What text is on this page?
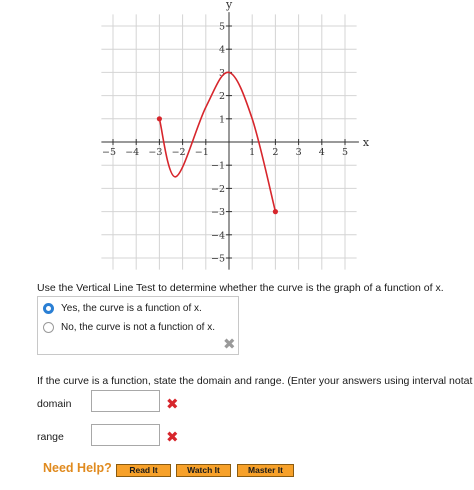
−5 −4 −3 −2 −1	1 2 3 4 5
5
4
3
2
1
−1
−2
−3
−4
−5
y
x
Use the Vertical Line Test to determine whether the curve is the graph of a function of x.
Yes, the curve is a function of x.
No, the curve is not a function of x.
✖
If the curve is a function, state the domain and range. (Enter your answers using interval notat
domain	✖
range	✖
Need Help?	Read It	Watch It	Master It
